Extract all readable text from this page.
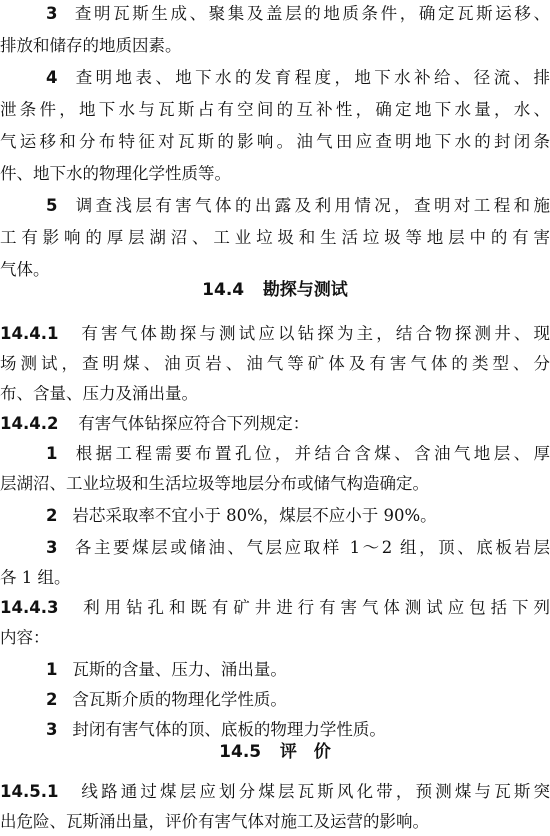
3 查明瓦斯生成、聚集及盖层的地质条件，确定瓦斯运移、
排放和储存的地质因素。
4 查明地表、地下水的发育程度，地下水补给、径流、排
泄条件，地下水与瓦斯占有空间的互补性，确定地下水量，水、
气运移和分布特征对瓦斯的影响。油气田应查明地下水的封闭条
件、地下水的物理化学性质等。
5 调查浅层有害气体的出露及利用情况，查明对工程和施
工有影响的厚层湖沼、工业垃圾和生活垃圾等地层中的有害
气体。
14.4 勘探与测试
14.4.1 有害气体勘探与测试应以钻探为主，结合物探测井、现
场测试，查明煤、油页岩、油气等矿体及有害气体的类型、分
布、含量、压力及涌出量。
14.4.2 有害气体钻探应符合下列规定：
1 根据工程需要布置孔位，并结合含煤、含油气地层、厚
层湖沼、工业垃圾和生活垃圾等地层分布或储气构造确定。
2 岩芯采取率不宜小于 80%，煤层不应小于 90%。
3 各主要煤层或储油、气层应取样 1～2 组，顶、底板岩层
各 1 组。
14.4.3 利用钻孔和既有矿井进行有害气体测试应包括下列
内容：
1 瓦斯的含量、压力、涌出量。
2 含瓦斯介质的物理化学性质。
3 封闭有害气体的顶、底板的物理力学性质。
14.5 评　价
14.5.1 线路通过煤层应划分煤层瓦斯风化带，预测煤与瓦斯突
出危险、瓦斯涌出量，评价有害气体对施工及运营的影响。
